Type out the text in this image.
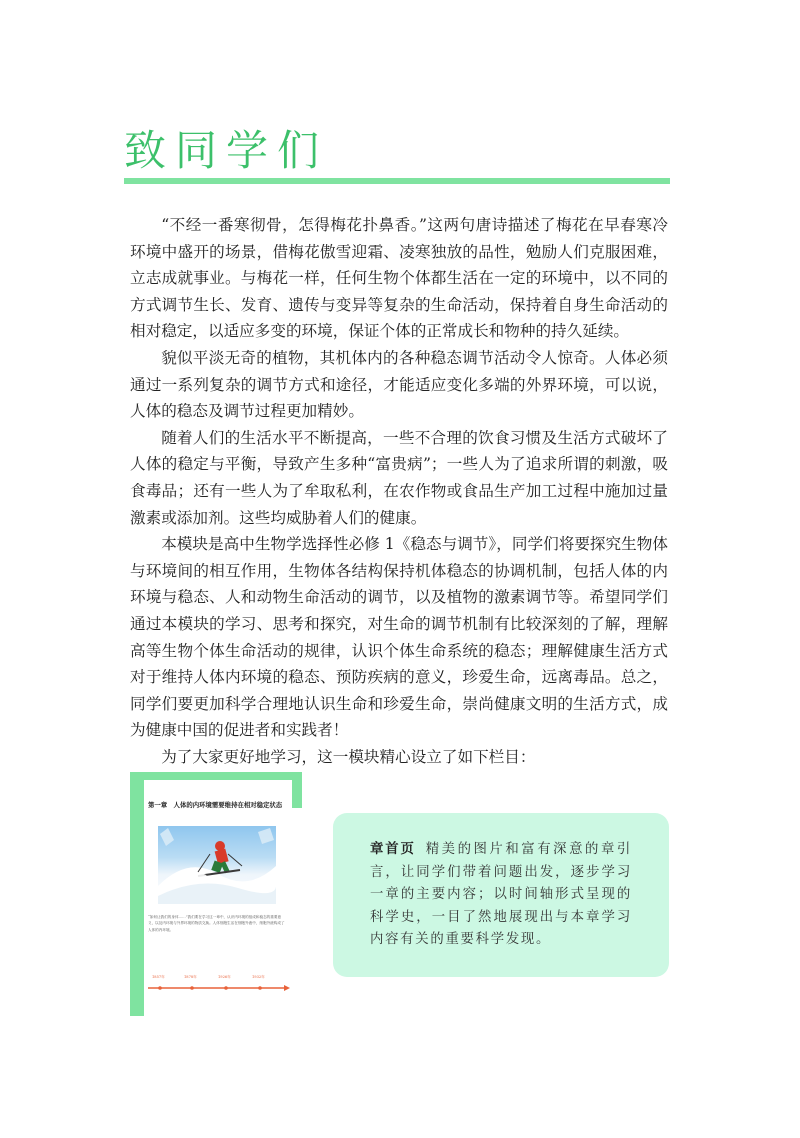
致同学们

“不经一番寒彻骨，怎得梅花扑鼻香。”这两句唐诗描述了梅花在早春寒冷环境中盛开的场景，借梅花傲雪迎霜、凌寒独放的品性，勉励人们克服困难，立志成就事业。与梅花一样，任何生物个体都生活在一定的环境中，以不同的方式调节生长、发育、遗传与变异等复杂的生命活动，保持着自身生命活动的相对稳定，以适应多变的环境，保证个体的正常成长和物种的持久延续。

貌似平淡无奇的植物，其机体内的各种稳态调节活动令人惊奇。人体必须通过一系列复杂的调节方式和途径，才能适应变化多端的外界环境，可以说，人体的稳态及调节过程更加精妙。

随着人们的生活水平不断提高，一些不合理的饮食习惯及生活方式破坏了人体的稳定与平衡，导致产生多种“富贵病”；一些人为了追求所谓的刺激，吸食毒品；还有一些人为了牟取私利，在农作物或食品生产加工过程中施加过量激素或添加剂。这些均威胁着人们的健康。

本模块是高中生物学选择性必修 1《稳态与调节》，同学们将要探究生物体与环境间的相互作用，生物体各结构保持机体稳态的协调机制，包括人体的内环境与稳态、人和动物生命活动的调节，以及植物的激素调节等。希望同学们通过本模块的学习、思考和探究，对生命的调节机制有比较深刻的了解，理解高等生物个体生命活动的规律，认识个体生命系统的稳态；理解健康生活方式对于维持人体内环境的稳态、预防疾病的意义，珍爱生命，远离毒品。总之，同学们要更加科学合理地认识生命和珍爱生命，崇尚健康文明的生活方式，成为健康中国的促进者和实践者！

为了大家更好地学习，这一模块精心设立了如下栏目：

第一章　人体的内环境需要维持在相对稳定状态
“如何让我们的身体……”我们要在学习这一章中，认识内环境的组成和稳态的重要意义，以及内环境与外界环境的物质交换。人体细胞生活在细胞外液中，细胞外液构成了人体的内环境。
1857年	1878年	1926年	1932年
章首页 精美的图片和富有深意的章引言，让同学们带着问题出发，逐步学习一章的主要内容；以时间轴形式呈现的科学史，一目了然地展现出与本章学习内容有关的重要科学发现。
